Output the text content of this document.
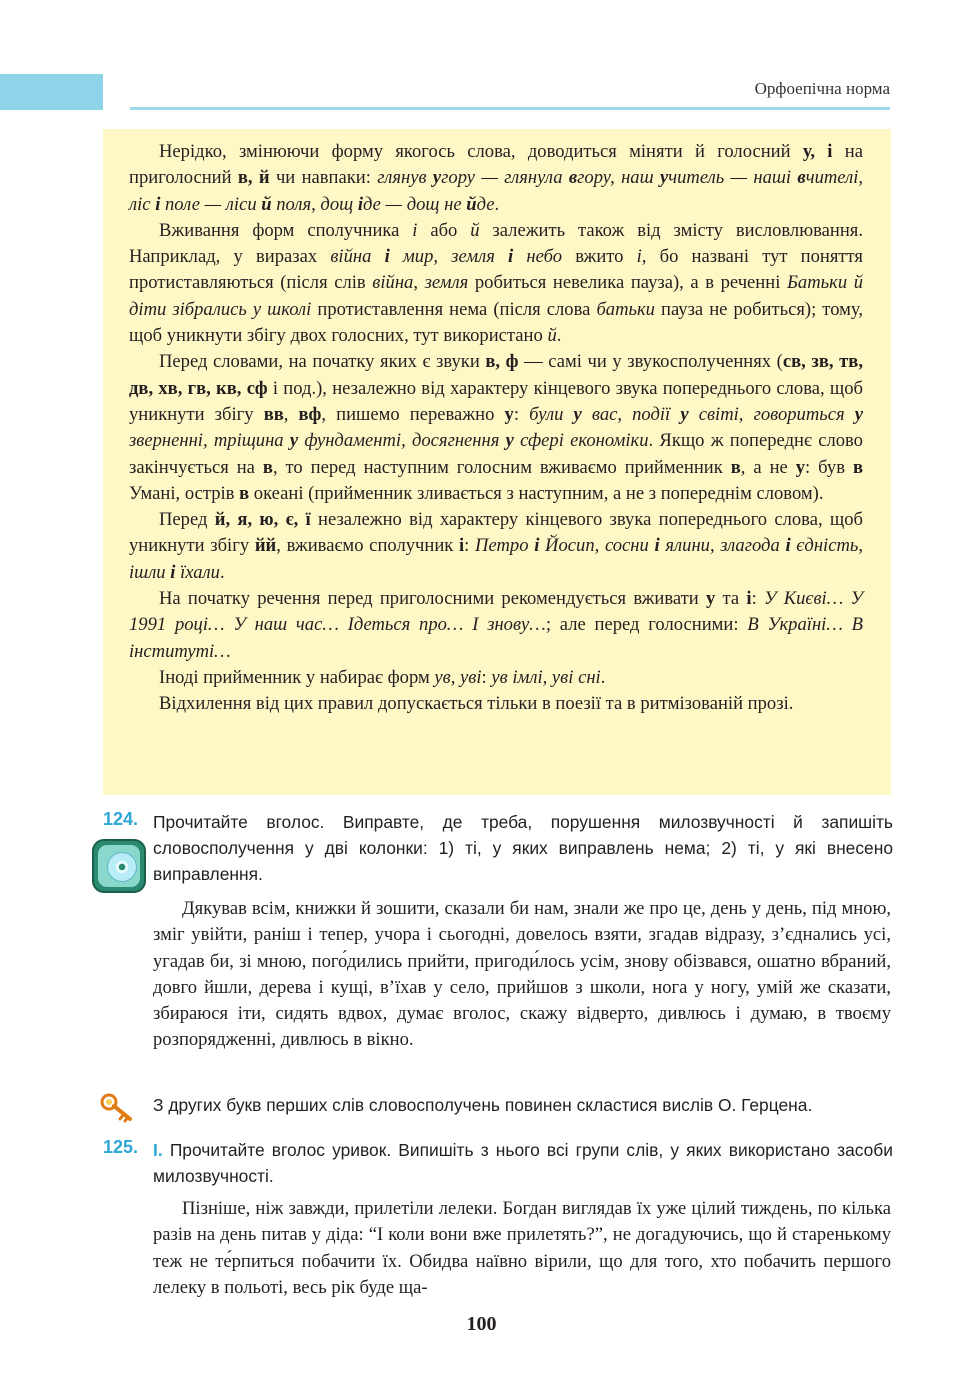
Орфоепічна норма

Нерідко, змінюючи форму якогось слова, доводиться міняти й голосний у, і на приголосний в, й чи навпаки: глянув угору — глянула вгору, наш учитель — наші вчителі, ліс і поле — ліси й поля, дощ іде — дощ не йде.

Вживання форм сполучника і або й залежить також від змісту висловлювання. Наприклад, у виразах війна і мир, земля і небо вжито і, бо названі тут поняття протиставляються (після слів війна, земля робиться невелика пауза), а в реченні Батьки й діти зібрались у школі протиставлення нема (після слова батьки пауза не робиться); тому, щоб уникнути збігу двох голосних, тут використано й.

Перед словами, на початку яких є звуки в, ф — самі чи у звукосполученнях (св, зв, тв, дв, хв, гв, кв, сф і под.), незалежно від характеру кінцевого звука попереднього слова, щоб уникнути збігу вв, вф, пишемо переважно у: були у вас, події у світі, говориться у зверненні, тріщина у фундаменті, досягнення у сфері економіки. Якщо ж попереднє слово закінчується на в, то перед наступним голосним вживаємо прийменник в, а не у: був в Умані, острів в океані (прийменник зливається з наступним, а не з попереднім словом).

Перед й, я, ю, є, ї незалежно від характеру кінцевого звука попереднього слова, щоб уникнути збігу йй, вживаємо сполучник і: Петро і Йосип, сосни і ялини, злагода і єдність, ішли і їхали.

На початку речення перед приголосними рекомендується вживати у та і: У Києві… У 1991 році… У наш час… Ідеться про… І знову…; але перед голосними: В Україні… В інституті…

Іноді прийменник у набирає форм ув, уві: ув імлі, уві сні.

Відхилення від цих правил допускається тільки в поезії та в ритмізованій прозі.

124. Прочитайте вголос. Виправте, де треба, порушення милозвучності й запишіть словосполучення у дві колонки: 1) ті, у яких виправлень нема; 2) ті, у які внесено виправлення.

Дякував всім, книжки й зошити, сказали би нам, знали же про це, день у день, під мною, зміг увійти, раніш і тепер, учора і сьогодні, довелось взяти, згадав відразу, з’єднались усі, угадав би, зі мною, пого́дились прийти, пригоди́лось усім, знову обізвався, ошатно вбраний, довго йшли, дерева і кущі, в’їхав у село, прийшов з школи, нога у ногу, умій же сказати, збираюся іти, сидять вдвох, думає вголос, скажу відверто, дивлюсь і думаю, в твоєму розпорядженні, дивлюсь в вікно.

З других букв перших слів словосполучень повинен скластися вислів О. Герцена.
125. І. Прочитайте вголос уривок. Випишіть з нього всі групи слів, у яких використано засоби милозвучності.

Пізніше, ніж завжди, прилетіли лелеки. Богдан виглядав їх уже цілий тиждень, по кілька разів на день питав у діда: “І коли вони вже прилетять?”, не догадуючись, що й старенькому теж не те́рпиться побачити їх. Обидва наївно вірили, що для того, хто побачить першого лелеку в польоті, весь рік буде ща-

100
